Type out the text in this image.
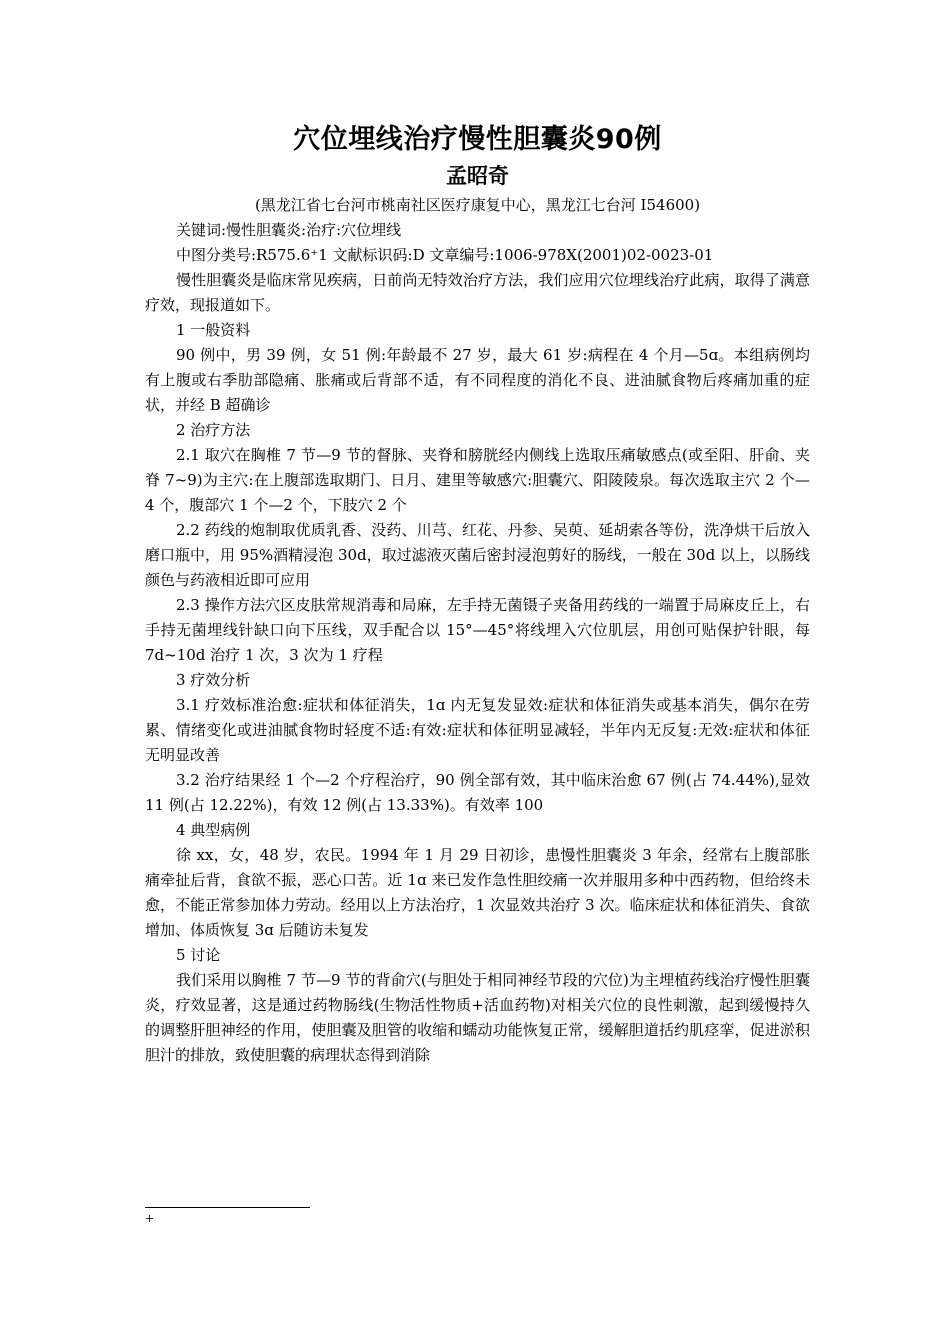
穴位埋线治疗慢性胆囊炎90例
孟昭奇
(黑龙江省七台河市桃南社区医疗康复中心，黑龙江七台河 I54600)

关键词:慢性胆囊炎:治疗:穴位埋线

中图分类号:R575.6⁺1 文献标识码:D 文章编号:1006-978X(2001)02-0023-01

慢性胆囊炎是临床常见疾病，日前尚无特效治疗方法，我们应用穴位埋线治疗此病，取得了满意疗效，现报道如下。

1 一般资料

90 例中，男 39 例，女 51 例:年龄最不 27 岁，最大 61 岁:病程在 4 个月—5ɑ。本组病例均有上腹或右季肋部隐痛、胀痛或后背部不适，有不同程度的消化不良、进油腻食物后疼痛加重的症状，并经 B 超确诊

2 治疗方法

2.1 取穴在胸椎 7 节—9 节的督脉、夹脊和膀胱经内侧线上选取压痛敏感点(或至阳、肝俞、夹脊 7~9)为主穴:在上腹部选取期门、日月、建里等敏感穴:胆囊穴、阳陵陵泉。每次选取主穴 2 个—4 个，腹部穴 1 个—2 个，下肢穴 2 个

2.2 药线的炮制取优质乳香、没药、川芎、红花、丹参、吴萸、延胡索各等份，洗净烘干后放入磨口瓶中，用 95%酒精浸泡 30d，取过滤液灭菌后密封浸泡剪好的肠线，一般在 30d 以上，以肠线颜色与药液相近即可应用

2.3 操作方法穴区皮肤常规消毒和局麻，左手持无菌镊子夹备用药线的一端置于局麻皮丘上，右手持无菌埋线针缺口向下压线，双手配合以 15°—45°将线埋入穴位肌层，用创可贴保护针眼，每 7d~10d 治疗 1 次，3 次为 1 疗程

3 疗效分析

3.1 疗效标准治愈:症状和体征消失，1ɑ 内无复发显效:症状和体征消失或基本消失，偶尔在劳累、情绪变化或进油腻食物时轻度不适:有效:症状和体征明显减轻，半年内无反复:无效:症状和体征无明显改善

3.2 治疗结果经 1 个—2 个疗程治疗，90 例全部有效，其中临床治愈 67 例(占 74.44%),显效 11 例(占 12.22%)，有效 12 例(占 13.33%)。有效率 100

4 典型病例

徐 xx，女，48 岁，农民。1994 年 1 月 29 日初诊，患慢性胆囊炎 3 年余，经常右上腹部胀痛牵扯后背，食欲不振，恶心口苦。近 1ɑ 来已发作急性胆绞痛一次并服用多种中西药物，但给终未愈，不能正常参加体力劳动。经用以上方法治疗，1 次显效共治疗 3 次。临床症状和体征消失、食欲增加、体质恢复 3ɑ 后随访未复发

5 讨论

我们采用以胸椎 7 节—9 节的背俞穴(与胆处于相同神经节段的穴位)为主埋植药线治疗慢性胆囊炎，疗效显著，这是通过药物肠线(生物活性物质+活血药物)对相关穴位的良性刺激，起到缓慢持久的调整肝胆神经的作用，使胆囊及胆管的收缩和蠕动功能恢复正常，缓解胆道括约肌痉挛，促进淤积胆汁的排放，致使胆囊的病理状态得到消除

+
